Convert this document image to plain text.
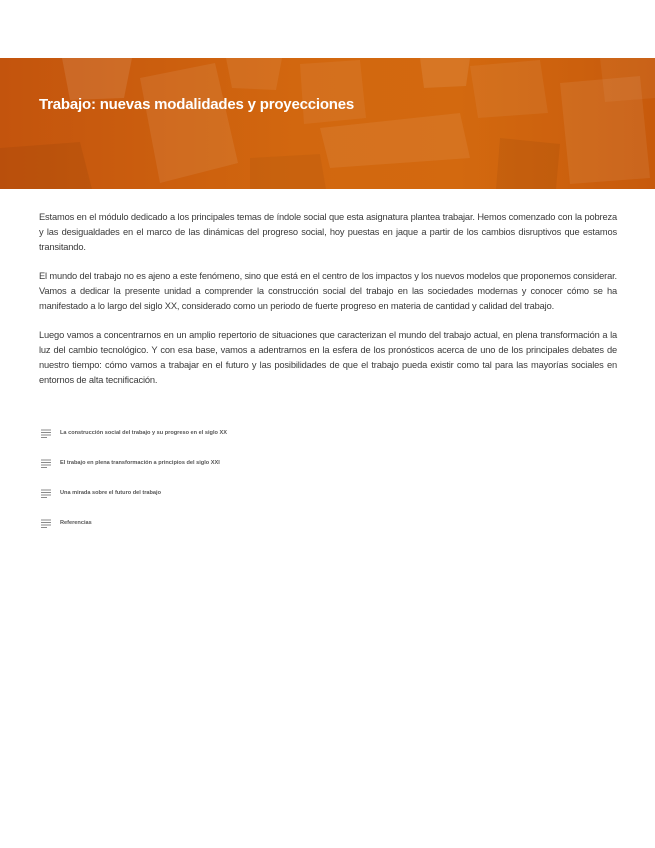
Trabajo: nuevas modalidades y proyecciones

Estamos en el módulo dedicado a los principales temas de índole social que esta asignatura plantea trabajar. Hemos comenzado con la pobreza y las desigualdades en el marco de las dinámicas del progreso social, hoy puestas en jaque a partir de los cambios disruptivos que estamos transitando.

El mundo del trabajo no es ajeno a este fenómeno, sino que está en el centro de los impactos y los nuevos modelos que proponemos considerar. Vamos a dedicar la presente unidad a comprender la construcción social del trabajo en las sociedades modernas y conocer cómo se ha manifestado a lo largo del siglo XX, considerado como un periodo de fuerte progreso en materia de cantidad y calidad del trabajo.

Luego vamos a concentrarnos en un amplio repertorio de situaciones que caracterizan el mundo del trabajo actual, en plena transformación a la luz del cambio tecnológico. Y con esa base, vamos a adentrarnos en la esfera de los pronósticos acerca de uno de los principales debates de nuestro tiempo: cómo vamos a trabajar en el futuro y las posibilidades de que el trabajo pueda existir como tal para las mayorías sociales en entornos de alta tecnificación.

La construcción social del trabajo y su progreso en el siglo XX
El trabajo en plena transformación a principios del siglo XXI
Una mirada sobre el futuro del trabajo
Referencias
